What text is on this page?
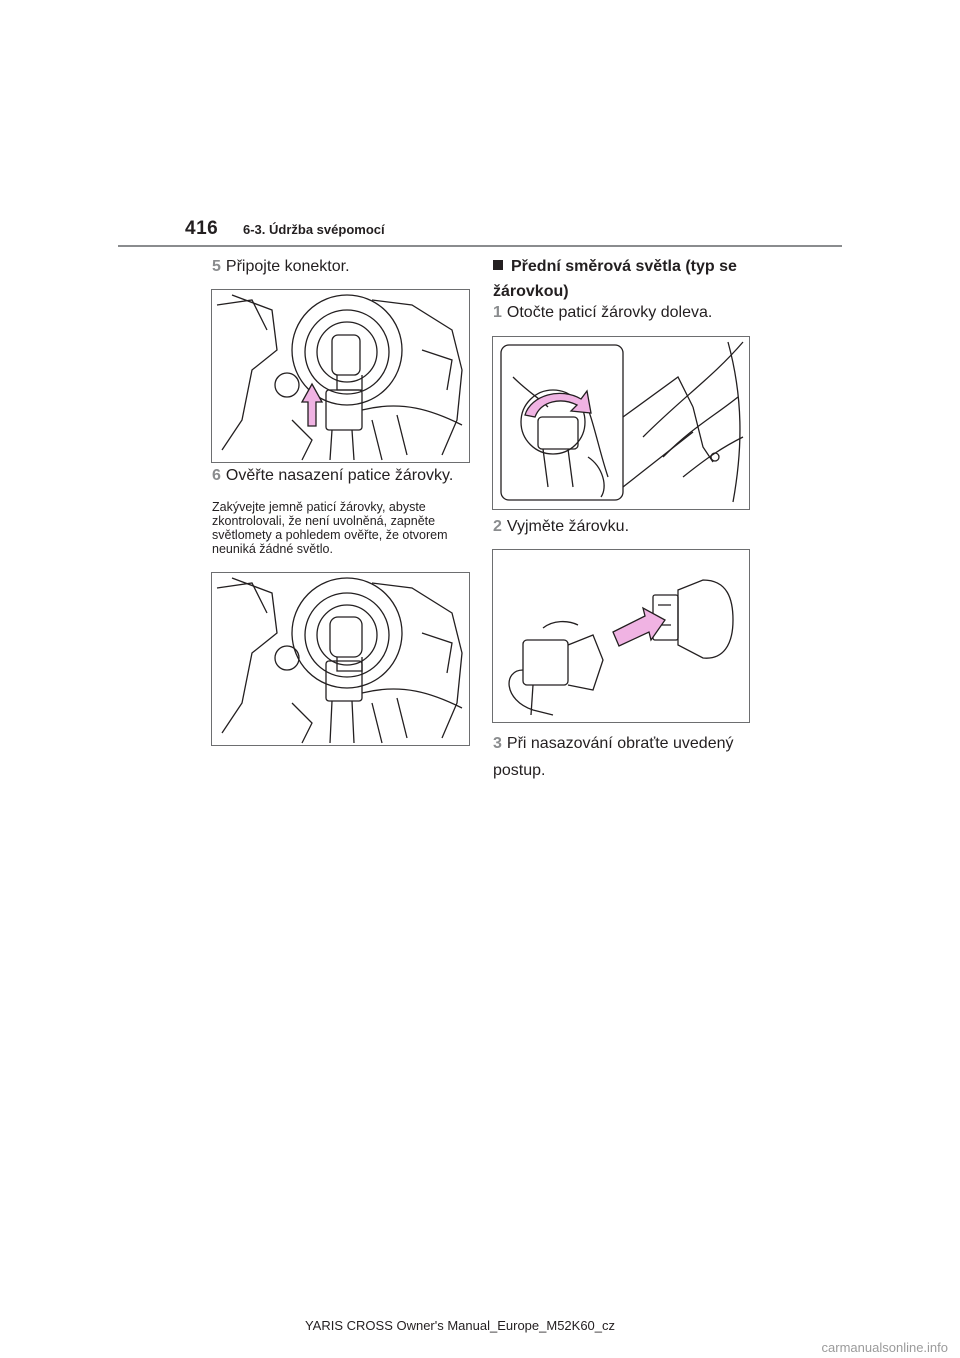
416 6-3. Údržba svépomocí
5 Připojte konektor.
6 Ověřte nasazení patice žárovky.
Zakývejte jemně paticí žárovky, abyste zkontrolovali, že není uvolněná, zapněte světlomety a pohledem ověřte, že otvorem neuniká žádné světlo.
Přední směrová světla (typ se žárovkou)
1 Otočte paticí žárovky doleva.
2 Vyjměte žárovku.
3 Při nasazování obraťte uvedený postup.
YARIS CROSS Owner's Manual_Europe_M52K60_cz
carmanualsonline.info
